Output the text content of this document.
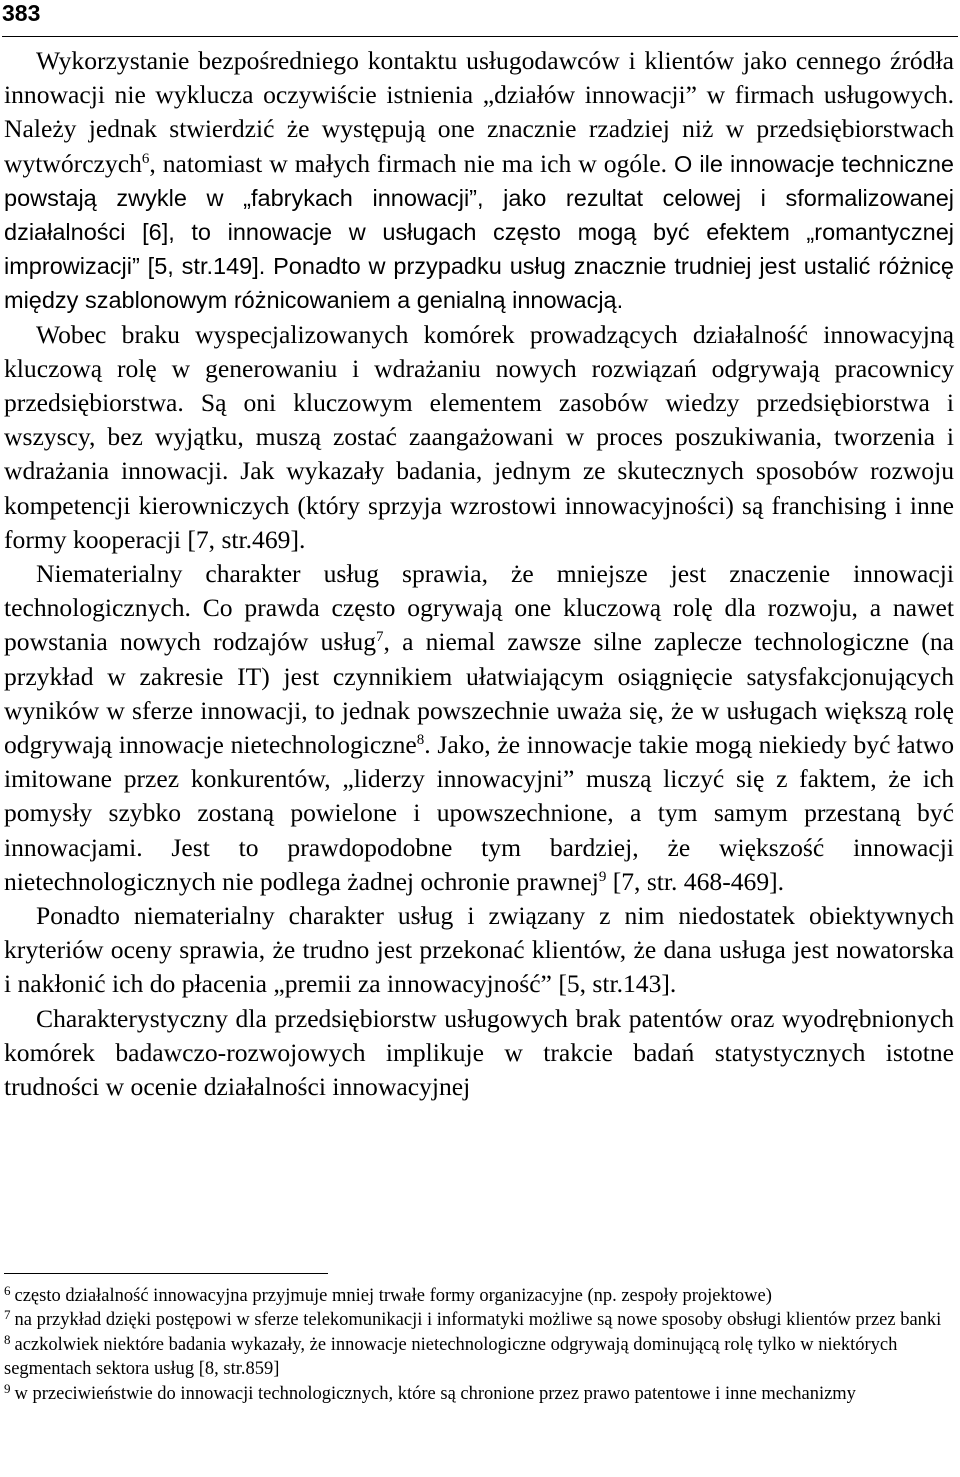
383

Wykorzystanie bezpośredniego kontaktu usługodawców i klientów jako cennego źródła innowacji nie wyklucza oczywiście istnienia „działów innowacji” w firmach usługowych. Należy jednak stwierdzić że występują one znacznie rzadziej niż w przedsiębiorstwach wytwórczych$^6$, natomiast w małych firmach nie ma ich w ogóle. O ile innowacje techniczne powstają zwykle w „fabrykach innowacji”, jako rezultat celowej i sformalizowanej działalności [6], to innowacje w usługach często mogą być efektem „romantycznej improwizacji” [5, str.149]. Ponadto w przypadku usług znacznie trudniej jest ustalić różnicę między szablonowym różnicowaniem a genialną innowacją.

Wobec braku wyspecjalizowanych komórek prowadzących działalność innowacyjną kluczową rolę w generowaniu i wdrażaniu nowych rozwiązań odgrywają pracownicy przedsiębiorstwa. Są oni kluczowym elementem zasobów wiedzy przedsiębiorstwa i wszyscy, bez wyjątku, muszą zostać zaangażowani w proces poszukiwania, tworzenia i wdrażania innowacji. Jak wykazały badania, jednym ze skutecznych sposobów rozwoju kompetencji kierowniczych (który sprzyja wzrostowi innowacyjności) są franchising i inne formy kooperacji [7, str.469].

Niematerialny charakter usług sprawia, że mniejsze jest znaczenie innowacji technologicznych. Co prawda często ogrywają one kluczową rolę dla rozwoju, a nawet powstania nowych rodzajów usług$^7$, a niemal zawsze silne zaplecze technologiczne (na przykład w zakresie IT) jest czynnikiem ułatwiającym osiągnięcie satysfakcjonujących wyników w sferze innowacji, to jednak powszechnie uważa się, że w usługach większą rolę odgrywają innowacje nietechnologiczne$^8$. Jako, że innowacje takie mogą niekiedy być łatwo imitowane przez konkurentów, „liderzy innowacyjni” muszą liczyć się z faktem, że ich pomysły szybko zostaną powielone i upowszechnione, a tym samym przestaną być innowacjami. Jest to prawdopodobne tym bardziej, że większość innowacji nietechnologicznych nie podlega żadnej ochronie prawnej$^9$ [7, str. 468-469].

Ponadto niematerialny charakter usług i związany z nim niedostatek obiektywnych kryteriów oceny sprawia, że trudno jest przekonać klientów, że dana usługa jest nowatorska i nakłonić ich do płacenia „premii za innowacyjność” [5, str.143].

Charakterystyczny dla przedsiębiorstw usługowych brak patentów oraz wyodrębnionych komórek badawczo-rozwojowych implikuje w trakcie badań statystycznych istotne trudności w ocenie działalności innowacyjnej

$^6$ często działalność innowacyjna przyjmuje mniej trwałe formy organizacyjne (np. zespoły projektowe)

$^7$ na przykład dzięki postępowi w sferze telekomunikacji i informatyki możliwe są nowe sposoby obsługi klientów przez banki

$^8$ aczkolwiek niektóre badania wykazały, że innowacje nietechnologiczne odgrywają dominującą rolę tylko w niektórych segmentach sektora usług [8, str.859]

$^9$ w przeciwieństwie do innowacji technologicznych, które są chronione przez prawo patentowe i inne mechanizmy
